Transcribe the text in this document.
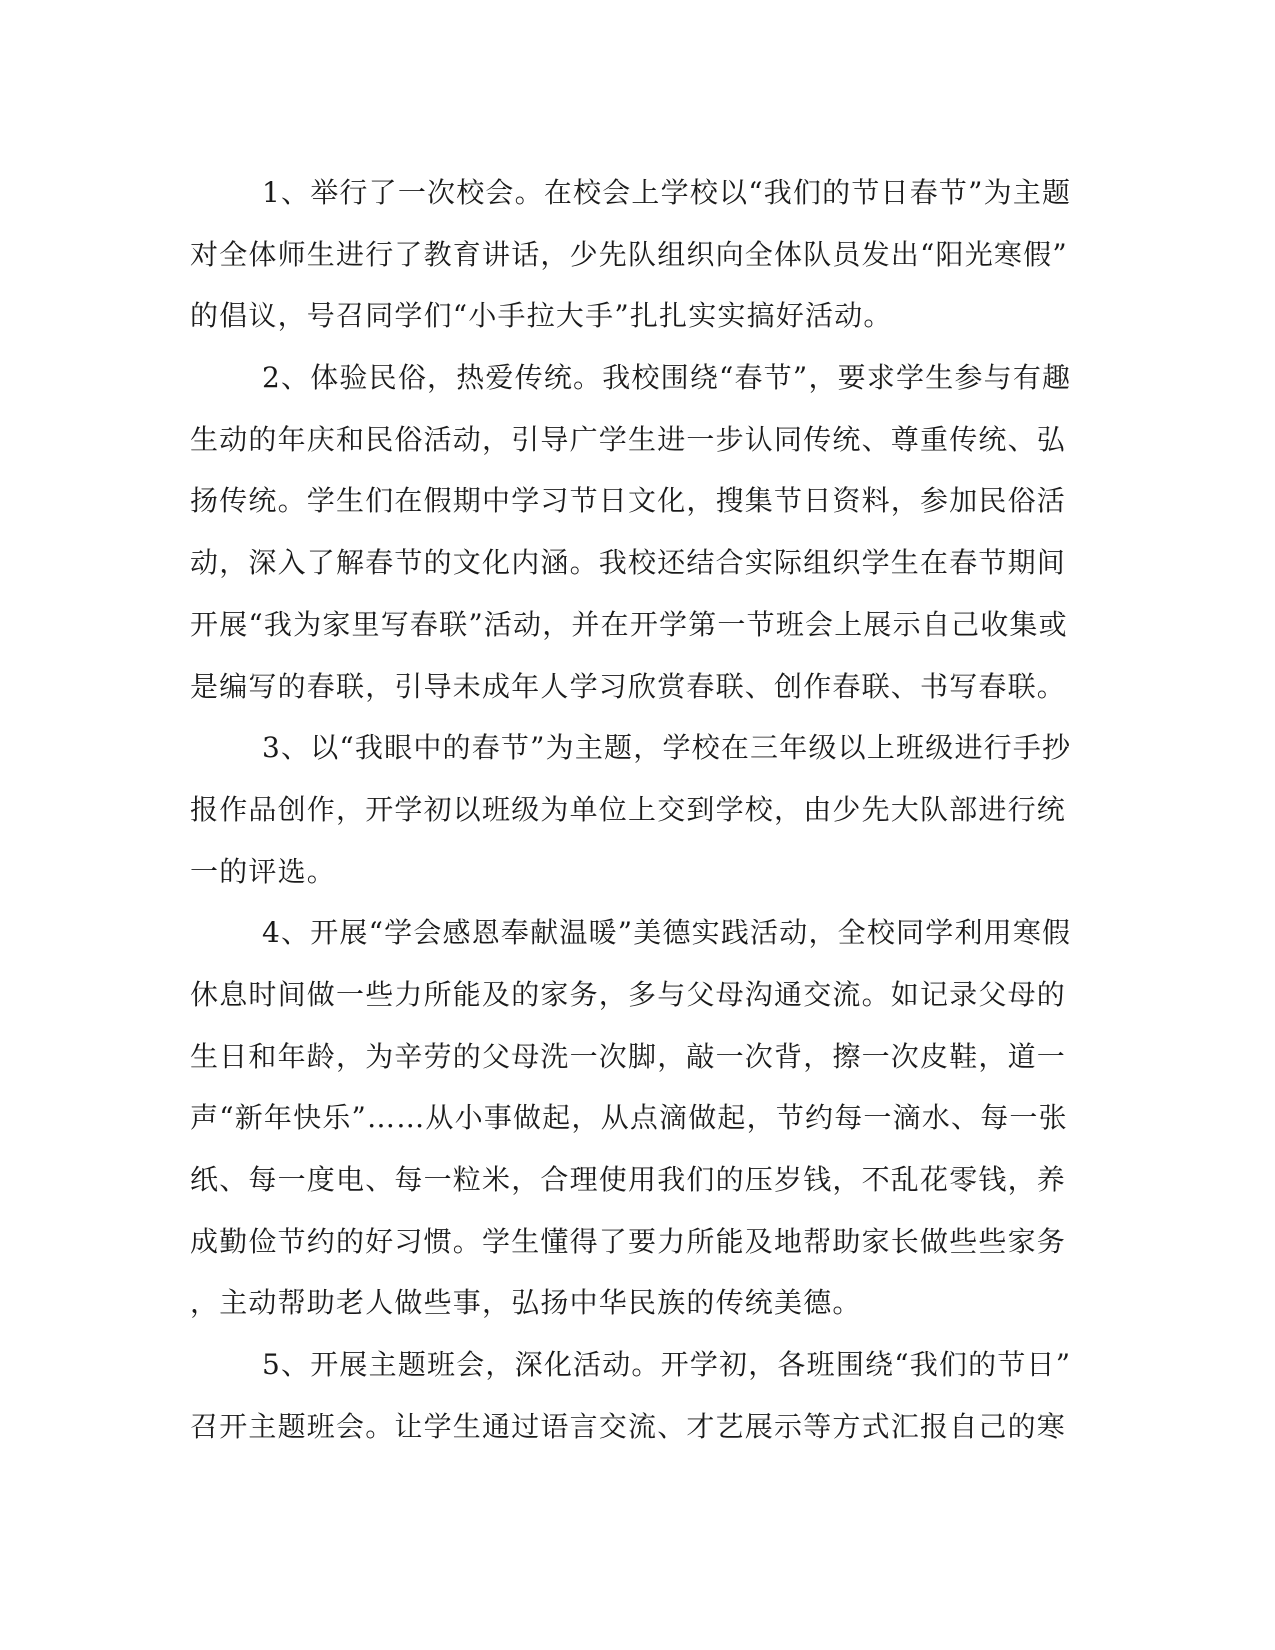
1、举行了一次校会。在校会上学校以“我们的节日春节”为主题
对全体师生进行了教育讲话，少先队组织向全体队员发出“阳光寒假”
的倡议，号召同学们“小手拉大手”扎扎实实搞好活动。
2、体验民俗，热爱传统。我校围绕“春节”，要求学生参与有趣
生动的年庆和民俗活动，引导广学生进一步认同传统、尊重传统、弘
扬传统。学生们在假期中学习节日文化，搜集节日资料，参加民俗活
动，深入了解春节的文化内涵。我校还结合实际组织学生在春节期间
开展“我为家里写春联”活动，并在开学第一节班会上展示自己收集或
是编写的春联，引导未成年人学习欣赏春联、创作春联、书写春联。
3、以“我眼中的春节”为主题，学校在三年级以上班级进行手抄
报作品创作，开学初以班级为单位上交到学校，由少先大队部进行统
一的评选。
4、开展“学会感恩奉献温暖”美德实践活动，全校同学利用寒假
休息时间做一些力所能及的家务，多与父母沟通交流。如记录父母的
生日和年龄，为辛劳的父母洗一次脚，敲一次背，擦一次皮鞋，道一
声“新年快乐”……从小事做起，从点滴做起，节约每一滴水、每一张
纸、每一度电、每一粒米，合理使用我们的压岁钱，不乱花零钱，养
成勤俭节约的好习惯。学生懂得了要力所能及地帮助家长做些些家务
，主动帮助老人做些事，弘扬中华民族的传统美德。
5、开展主题班会，深化活动。开学初，各班围绕“我们的节日”
召开主题班会。让学生通过语言交流、才艺展示等方式汇报自己的寒
